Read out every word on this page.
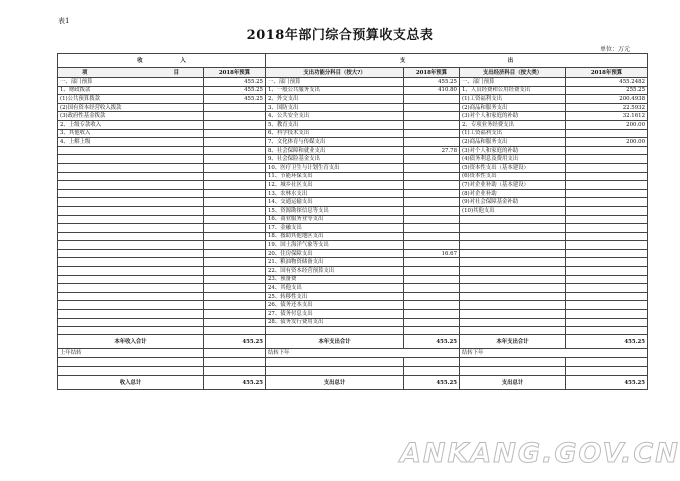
表1
2018年部门综合预算收支总表
单位：万元
收　　　　　　　入		支　　　　　　　　　　　　　　　　　　　出			

项 目	2018年预算	支出功能分科目（按大?）	2018年预算	支出经济科目（按大类）	2018年预算
一、部门预算	455.25	一、部门预算	455.25	一、部门预算	455.2482
1、财政拨款	455.25	1、一般公共服务支出	410.80	1、人员经费和公用经费支出	255.25
(1)公共预算拨款	455.25	2、外交支出		(1)工资福利支出	200.4938
(2)国有资本经营收入拨款		3、国防支出		(2)商品和服务支出	22.5932
(3)政府性基金拨款		4、公共安全支出		(3)对个人和家庭的补助	32.1612
2、上级专款收入		5、教育支出		2、专项业务经费支出	200.00
3、其他收入		6、科学技术支出		(1)工资福利支出	
4、上解上级		7、文化体育与传媒支出		(2)商品和服务支出	200.00
		8、社会保障和就业支出	27.78	(3)对个人和家庭的补助	
		9、社会保险基金支出		(4)债务利息及费用支出	
		10、医疗卫生与计划生育支出		(5)资本性支出（基本建设）	
		11、节能环保支出		(6)资本性支出	
		12、城乡社区支出		(7)对企业补助（基本建设）	
		13、农林水支出		(8)对企业补助	
		14、交通运输支出		(9)对社会保障基金补助	
		15、资源勘探信息等支出		(10)其他支出	
		16、商业服务业等支出			
		17、金融支出			
		18、援助其他地区支出			
		19、国土海洋气象等支出			
		20、住房保障支出	16.67		
		21、粮油物资储备支出			
		22、国有资本经营预算支出			
		23、预备费			
		24、其他支出			
		25、转移性支出			
		26、债务还本支出			
		27、债务付息支出			
		28、债务发行费用支出			

本年收入合计	455.25	本年支出合计	455.25	本年支出合计	455.25
上年结转		结转下年		结转下年	

收入总计	455.25	支出总计	455.25	支出总计	455.25
ANKANG.GOV.CN
